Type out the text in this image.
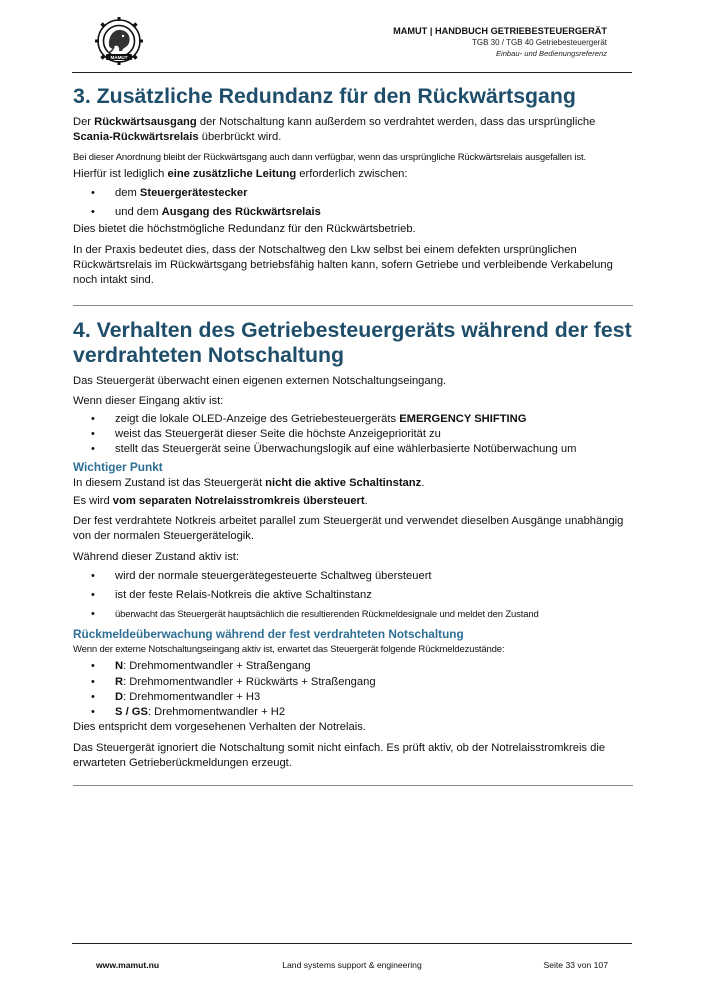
MAMUT
MAMUT | HANDBUCH GETRIEBESTEUERGERÄT
TGB 30 / TGB 40 Getriebesteuergerät
Einbau- und Bedienungsreferenz
3. Zusätzliche Redundanz für den Rückwärtsgang

Der Rückwärtsausgang der Notschaltung kann außerdem so verdrahtet werden, dass das ursprüngliche Scania-Rückwärtsrelais überbrückt wird.

Bei dieser Anordnung bleibt der Rückwärtsgang auch dann verfügbar, wenn das ursprüngliche Rückwärtsrelais ausgefallen ist.

Hierfür ist lediglich eine zusätzliche Leitung erforderlich zwischen:

• dem Steuergerätestecker
• und dem Ausgang des Rückwärtsrelais

Dies bietet die höchstmögliche Redundanz für den Rückwärtsbetrieb.

In der Praxis bedeutet dies, dass der Notschaltweg den Lkw selbst bei einem defekten ursprünglichen Rückwärtsrelais im Rückwärtsgang betriebsfähig halten kann, sofern Getriebe und verbleibende Verkabelung noch intakt sind.

4. Verhalten des Getriebesteuergeräts während der fest verdrahteten Notschaltung

Das Steuergerät überwacht einen eigenen externen Notschaltungseingang.

Wenn dieser Eingang aktiv ist:

• zeigt die lokale OLED-Anzeige des Getriebesteuergeräts EMERGENCY SHIFTING
• weist das Steuergerät dieser Seite die höchste Anzeigepriorität zu
• stellt das Steuergerät seine Überwachungslogik auf eine wählerbasierte Notüberwachung um
Wichtiger Punkt

In diesem Zustand ist das Steuergerät nicht die aktive Schaltinstanz.

Es wird vom separaten Notrelaisstromkreis übersteuert.

Der fest verdrahtete Notkreis arbeitet parallel zum Steuergerät und verwendet dieselben Ausgänge unabhängig von der normalen Steuergerätelogik.

Während dieser Zustand aktiv ist:

• wird der normale steuergerätegesteuerte Schaltweg übersteuert
• ist der feste Relais-Notkreis die aktive Schaltinstanz
• überwacht das Steuergerät hauptsächlich die resultierenden Rückmeldesignale und meldet den Zustand
Rückmeldeüberwachung während der fest verdrahteten Notschaltung

Wenn der externe Notschaltungseingang aktiv ist, erwartet das Steuergerät folgende Rückmeldezustände:

• N: Drehmomentwandler + Straßengang
• R: Drehmomentwandler + Rückwärts + Straßengang
• D: Drehmomentwandler + H3
• S / GS: Drehmomentwandler + H2

Dies entspricht dem vorgesehenen Verhalten der Notrelais.

Das Steuergerät ignoriert die Notschaltung somit nicht einfach. Es prüft aktiv, ob der Notrelaisstromkreis die erwarteten Getrieberückmeldungen erzeugt.

www.mamut.nu	Land systems support & engineering	Seite 33 von 107
